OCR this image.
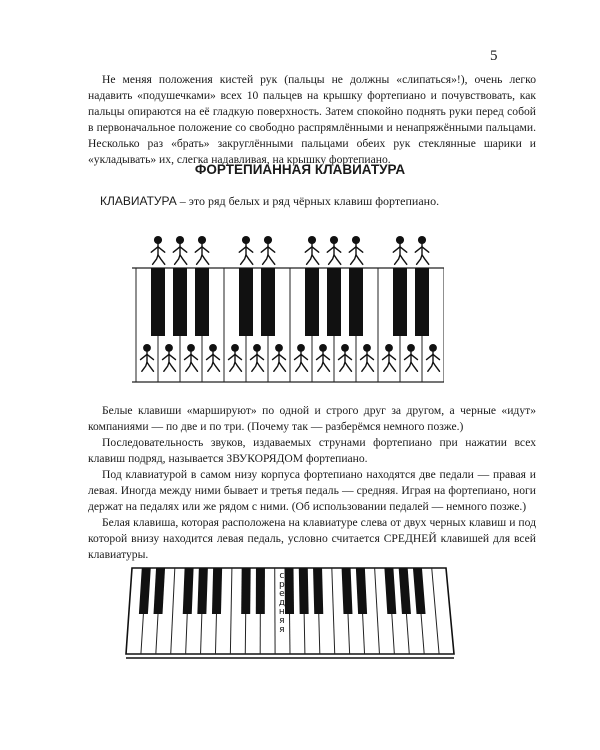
5

Не меняя положения кистей рук (пальцы не должны «слипаться»!), очень легко надавить «подушечками» всех 10 пальцев на крышку фортепиано и почувствовать, как пальцы опираются на её гладкую поверхность. Затем спокойно поднять руки перед собой в первоначальное положение со свободно распрямлёнными и ненапряжёнными пальцами. Несколько раз «брать» закруглёнными пальцами обеих рук стеклянные шарики и «укладывать» их, слегка надавливая, на крышку фортепиано.

ФОРТЕПИАННАЯ КЛАВИАТУРА

КЛАВИАТУРА – это ряд белых и ряд чёрных клавиш фортепиано.

Белые клавиши «маршируют» по одной и строго друг за другом, а черные «идут» компаниями — по две и по три. (Почему так — разберёмся немного позже.)

Последовательность звуков, издаваемых струнами фортепиано при нажатии всех клавиш подряд, называется ЗВУКОРЯДОМ фортепиано.

Под клавиатурой в самом низу корпуса фортепиано находятся две педали — правая и левая. Иногда между ними бывает и третья педаль — средняя. Играя на фортепиано, ноги держат на педалях или же рядом с ними. (Об использовании педалей — немного позже.)

Белая клавиша, которая расположена на клавиатуре слева от двух черных клавиш и под которой внизу находится левая педаль, условно считается СРЕДНЕЙ клавишей для всей клавиатуры.

с
р
е
д
н
я
я
